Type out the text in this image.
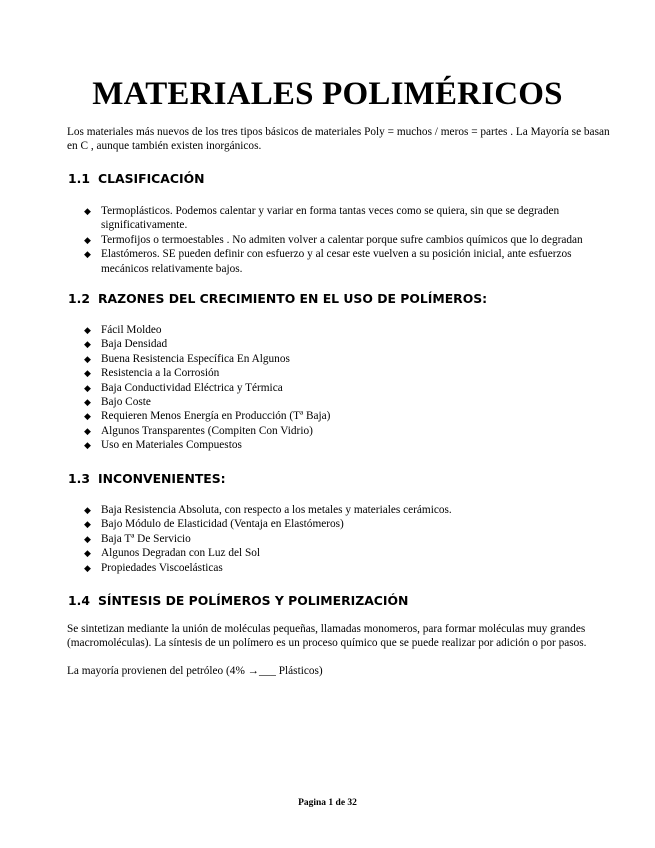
MATERIALES POLIMÉRICOS

Los materiales más nuevos de los tres tipos básicos de materiales Poly = muchos / meros = partes . La Mayoría se basan en C , aunque también existen inorgánicos.

1.1 CLASIFICACIÓN
◆ Termoplásticos. Podemos calentar y variar en forma tantas veces como se quiera, sin que se degraden significativamente.
◆ Termofijos o termoestables . No admiten volver a calentar porque sufre cambios químicos que lo degradan
◆ Elastómeros. SE pueden definir con esfuerzo y al cesar este vuelven a su posición inicial, ante esfuerzos mecánicos relativamente bajos.
1.2 RAZONES DEL CRECIMIENTO EN EL USO DE POLÍMEROS:
◆ Fácil Moldeo
◆ Baja Densidad
◆ Buena Resistencia Específica En Algunos
◆ Resistencia a la Corrosión
◆ Baja Conductividad Eléctrica y Térmica
◆ Bajo Coste
◆ Requieren Menos Energía en Producción (Tª Baja)
◆ Algunos Transparentes (Compiten Con Vidrio)
◆ Uso en Materiales Compuestos
1.3 INCONVENIENTES:
◆ Baja Resistencia Absoluta, con respecto a los metales y materiales cerámicos.
◆ Bajo Módulo de Elasticidad (Ventaja en Elastómeros)
◆ Baja Tª De Servicio
◆ Algunos Degradan con Luz del Sol
◆ Propiedades Viscoelásticas
1.4 SÍNTESIS DE POLÍMEROS Y POLIMERIZACIÓN

Se sintetizan mediante la unión de moléculas pequeñas, llamadas monomeros, para formar moléculas muy grandes (macromoléculas). La síntesis de un polímero es un proceso químico que se puede realizar por adición o por pasos.

La mayoría provienen del petróleo (4% →___ Plásticos)

Pagina 1 de 32
